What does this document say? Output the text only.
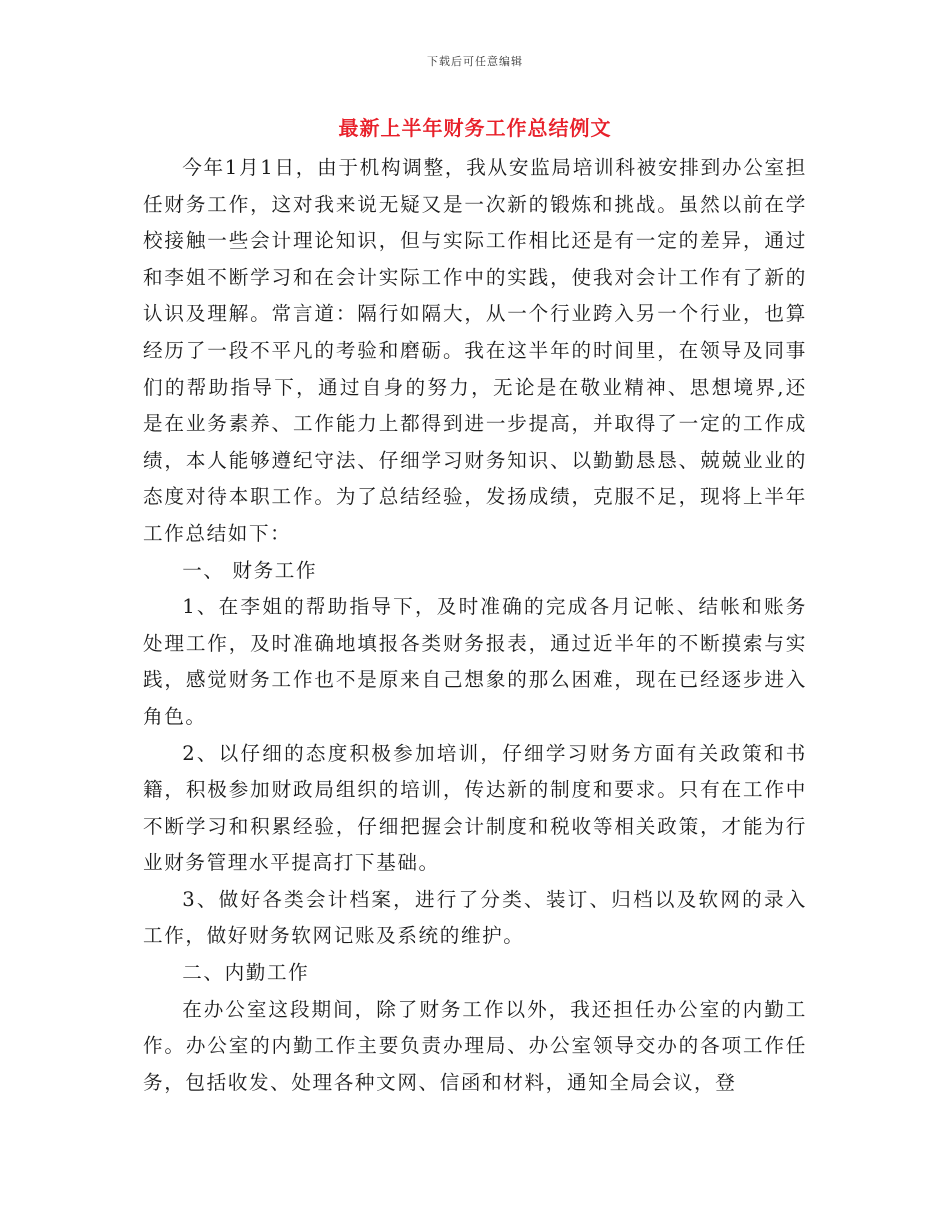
下载后可任意编辑
最新上半年财务工作总结例文

今年1月1日，由于机构调整，我从安监局培训科被安排到办公室担任财务工作，这对我来说无疑又是一次新的锻炼和挑战。虽然以前在学校接触一些会计理论知识，但与实际工作相比还是有一定的差异，通过和李姐不断学习和在会计实际工作中的实践，使我对会计工作有了新的认识及理解。常言道：隔行如隔大，从一个行业跨入另一个行业，也算经历了一段不平凡的考验和磨砺。我在这半年的时间里，在领导及同事们的帮助指导下，通过自身的努力，无论是在敬业精神、思想境界,还是在业务素养、工作能力上都得到进一步提高，并取得了一定的工作成绩，本人能够遵纪守法、仔细学习财务知识、以勤勤恳恳、兢兢业业的态度对待本职工作。为了总结经验，发扬成绩，克服不足，现将上半年工作总结如下：

一、 财务工作

1、在李姐的帮助指导下，及时准确的完成各月记帐、结帐和账务处理工作，及时准确地填报各类财务报表，通过近半年的不断摸索与实践，感觉财务工作也不是原来自己想象的那么困难，现在已经逐步进入角色。

2、以仔细的态度积极参加培训，仔细学习财务方面有关政策和书籍，积极参加财政局组织的培训，传达新的制度和要求。只有在工作中不断学习和积累经验，仔细把握会计制度和税收等相关政策，才能为行业财务管理水平提高打下基础。

3、做好各类会计档案，进行了分类、装订、归档以及软网的录入工作，做好财务软网记账及系统的维护。

二、内勤工作

在办公室这段期间，除了财务工作以外，我还担任办公室的内勤工作。办公室的内勤工作主要负责办理局、办公室领导交办的各项工作任务，包括收发、处理各种文网、信函和材料，通知全局会议，登
